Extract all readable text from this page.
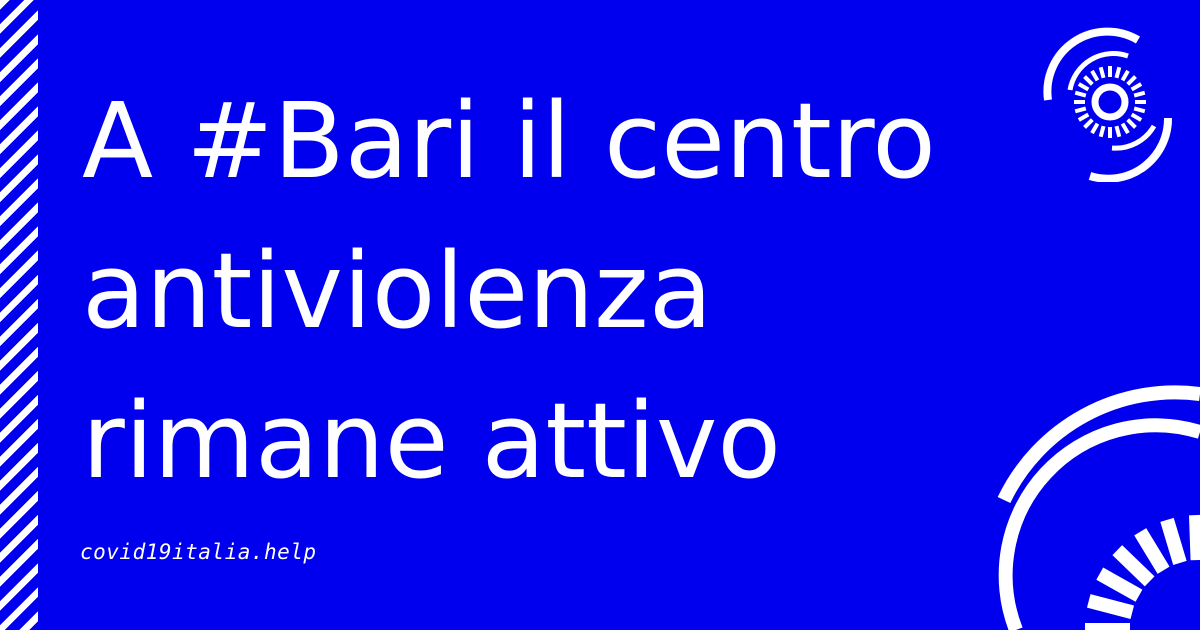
A #Bari il centro
antiviolenza
rimane attivo
covid19italia.help
